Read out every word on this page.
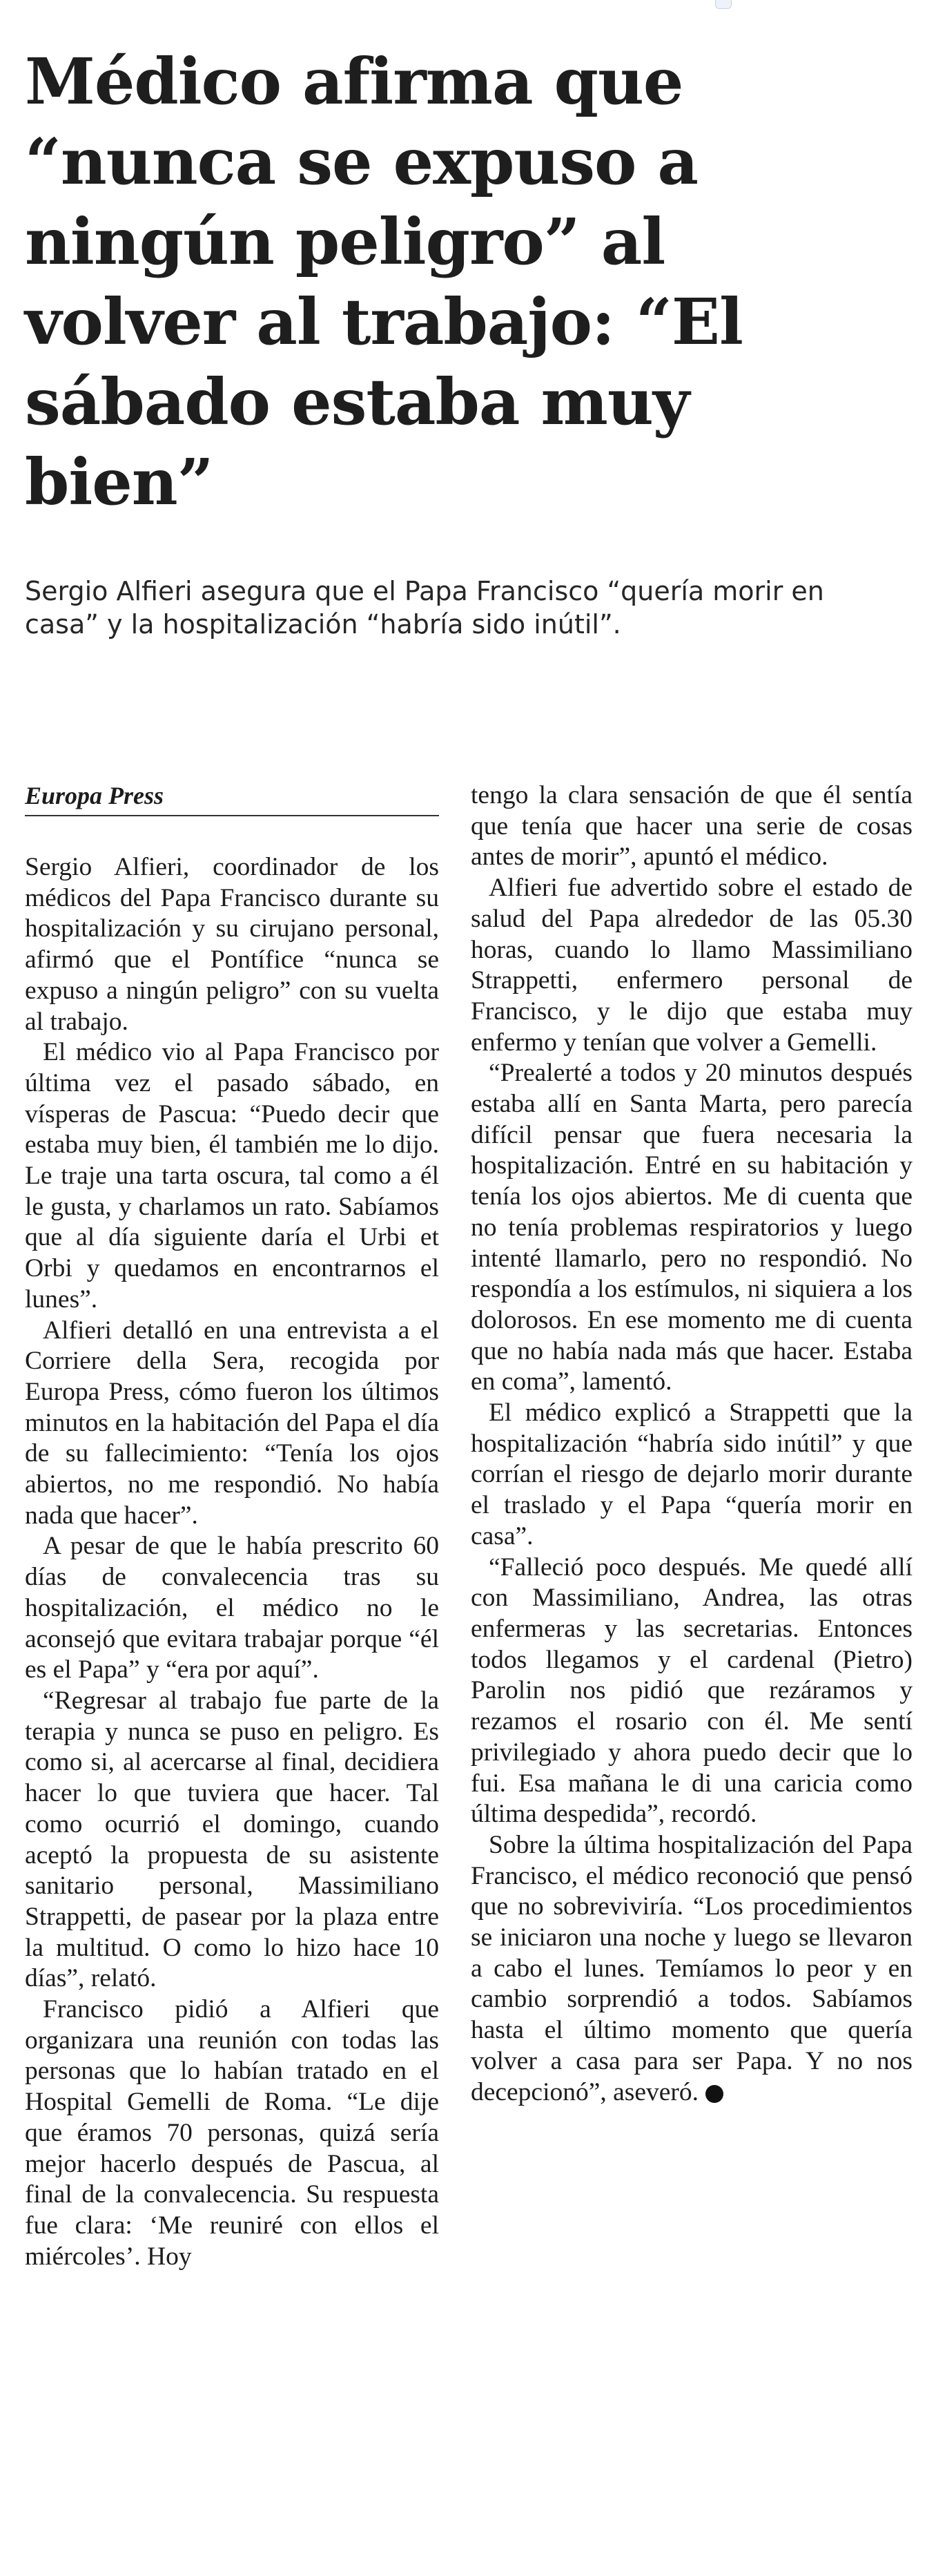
Médico afirma que “nunca se expuso a ningún peligro” al volver al trabajo: “El sábado estaba muy bien”

Sergio Alfieri asegura que el Papa Francisco “quería morir en casa” y la hospitalización “habría sido inútil”.

Europa Press

Sergio Alfieri, coordinador de los médicos del Papa Francisco durante su hospitalización y su cirujano personal, afirmó que el Pontífice “nunca se expuso a ningún peligro” con su vuelta al trabajo.

El médico vio al Papa Francisco por última vez el pasado sábado, en vísperas de Pascua: “Puedo decir que estaba muy bien, él también me lo dijo. Le traje una tarta oscura, tal como a él le gusta, y charlamos un rato. Sabíamos que al día siguiente daría el Urbi et Orbi y quedamos en encontrarnos el lunes”.

Alfieri detalló en una entrevista a el Corriere della Sera, recogida por Europa Press, cómo fueron los últimos minutos en la habitación del Papa el día de su fallecimiento: “Tenía los ojos abiertos, no me respondió. No había nada que hacer”.

A pesar de que le había prescrito 60 días de convalecencia tras su hospitalización, el médico no le aconsejó que evitara trabajar porque “él es el Papa” y “era por aquí”.

“Regresar al trabajo fue parte de la terapia y nunca se puso en peligro. Es como si, al acercarse al final, decidiera hacer lo que tuviera que hacer. Tal como ocurrió el domingo, cuando aceptó la propuesta de su asistente sanitario personal, Massimiliano Strappetti, de pasear por la plaza entre la multitud. O como lo hizo hace 10 días”, relató.

Francisco pidió a Alfieri que organizara una reunión con todas las personas que lo habían tratado en el Hospital Gemelli de Roma. “Le dije que éramos 70 personas, quizá sería mejor hacerlo después de Pascua, al final de la convalecencia. Su respuesta fue clara: ‘Me reuniré con ellos el miércoles’. Hoy

tengo la clara sensación de que él sentía que tenía que hacer una serie de cosas antes de morir”, apuntó el médico.

Alfieri fue advertido sobre el estado de salud del Papa alrededor de las 05.30 horas, cuando lo llamo Massimiliano Strappetti, enfermero personal de Francisco, y le dijo que estaba muy enfermo y tenían que volver a Gemelli.

“Prealerté a todos y 20 minutos después estaba allí en Santa Marta, pero parecía difícil pensar que fuera necesaria la hospitalización. Entré en su habitación y tenía los ojos abiertos. Me di cuenta que no tenía problemas respiratorios y luego intenté llamarlo, pero no respondió. No respondía a los estímulos, ni siquiera a los dolorosos. En ese momento me di cuenta que no había nada más que hacer. Estaba en coma”, lamentó.

El médico explicó a Strappetti que la hospitalización “habría sido inútil” y que corrían el riesgo de dejarlo morir durante el traslado y el Papa “quería morir en casa”.

“Falleció poco después. Me quedé allí con Massimiliano, Andrea, las otras enfermeras y las secretarias. Entonces todos llegamos y el cardenal (Pietro) Parolin nos pidió que rezáramos y rezamos el rosario con él. Me sentí privilegiado y ahora puedo decir que lo fui. Esa mañana le di una caricia como última despedida”, recordó.

Sobre la última hospitalización del Papa Francisco, el médico reconoció que pensó que no sobreviviría. “Los procedimientos se iniciaron una noche y luego se llevaron a cabo el lunes. Temíamos lo peor y en cambio sorprendió a todos. Sabíamos hasta el último momento que quería volver a casa para ser Papa. Y no nos decepcionó”, aseveró.
